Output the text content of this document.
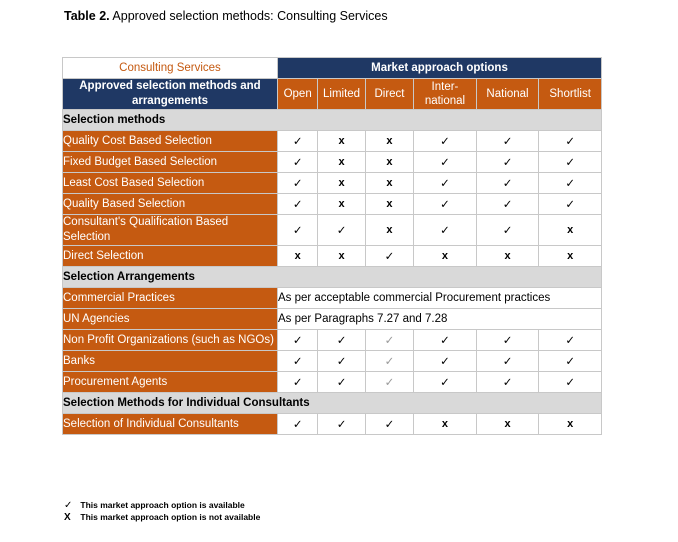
Table 2. Approved selection methods: Consulting Services
Consulting Services	Market approach options					
Approved selection methods and arrangements	Open	Limited	Direct	Inter-national	National	Shortlist
Selection methods						
Quality Cost Based Selection	✓	x	x	✓	✓	✓
Fixed Budget Based Selection	✓	x	x	✓	✓	✓
Least Cost Based Selection	✓	x	x	✓	✓	✓
Quality Based Selection	✓	x	x	✓	✓	✓
Consultant's Qualification Based Selection	✓	✓	x	✓	✓	x
Direct Selection	x	x	✓	x	x	x
Selection Arrangements						
Commercial Practices	As per acceptable commercial Procurement practices					
UN Agencies	As per Paragraphs 7.27 and 7.28					
Non Profit Organizations (such as NGOs)	✓	✓	✓	✓	✓	✓
Banks	✓	✓	✓	✓	✓	✓
Procurement Agents	✓	✓	✓	✓	✓	✓
Selection Methods for Individual Consultants						
Selection of Individual Consultants	✓	✓	✓	x	x	x
✓ This market approach option is available
X This market approach option is not available
